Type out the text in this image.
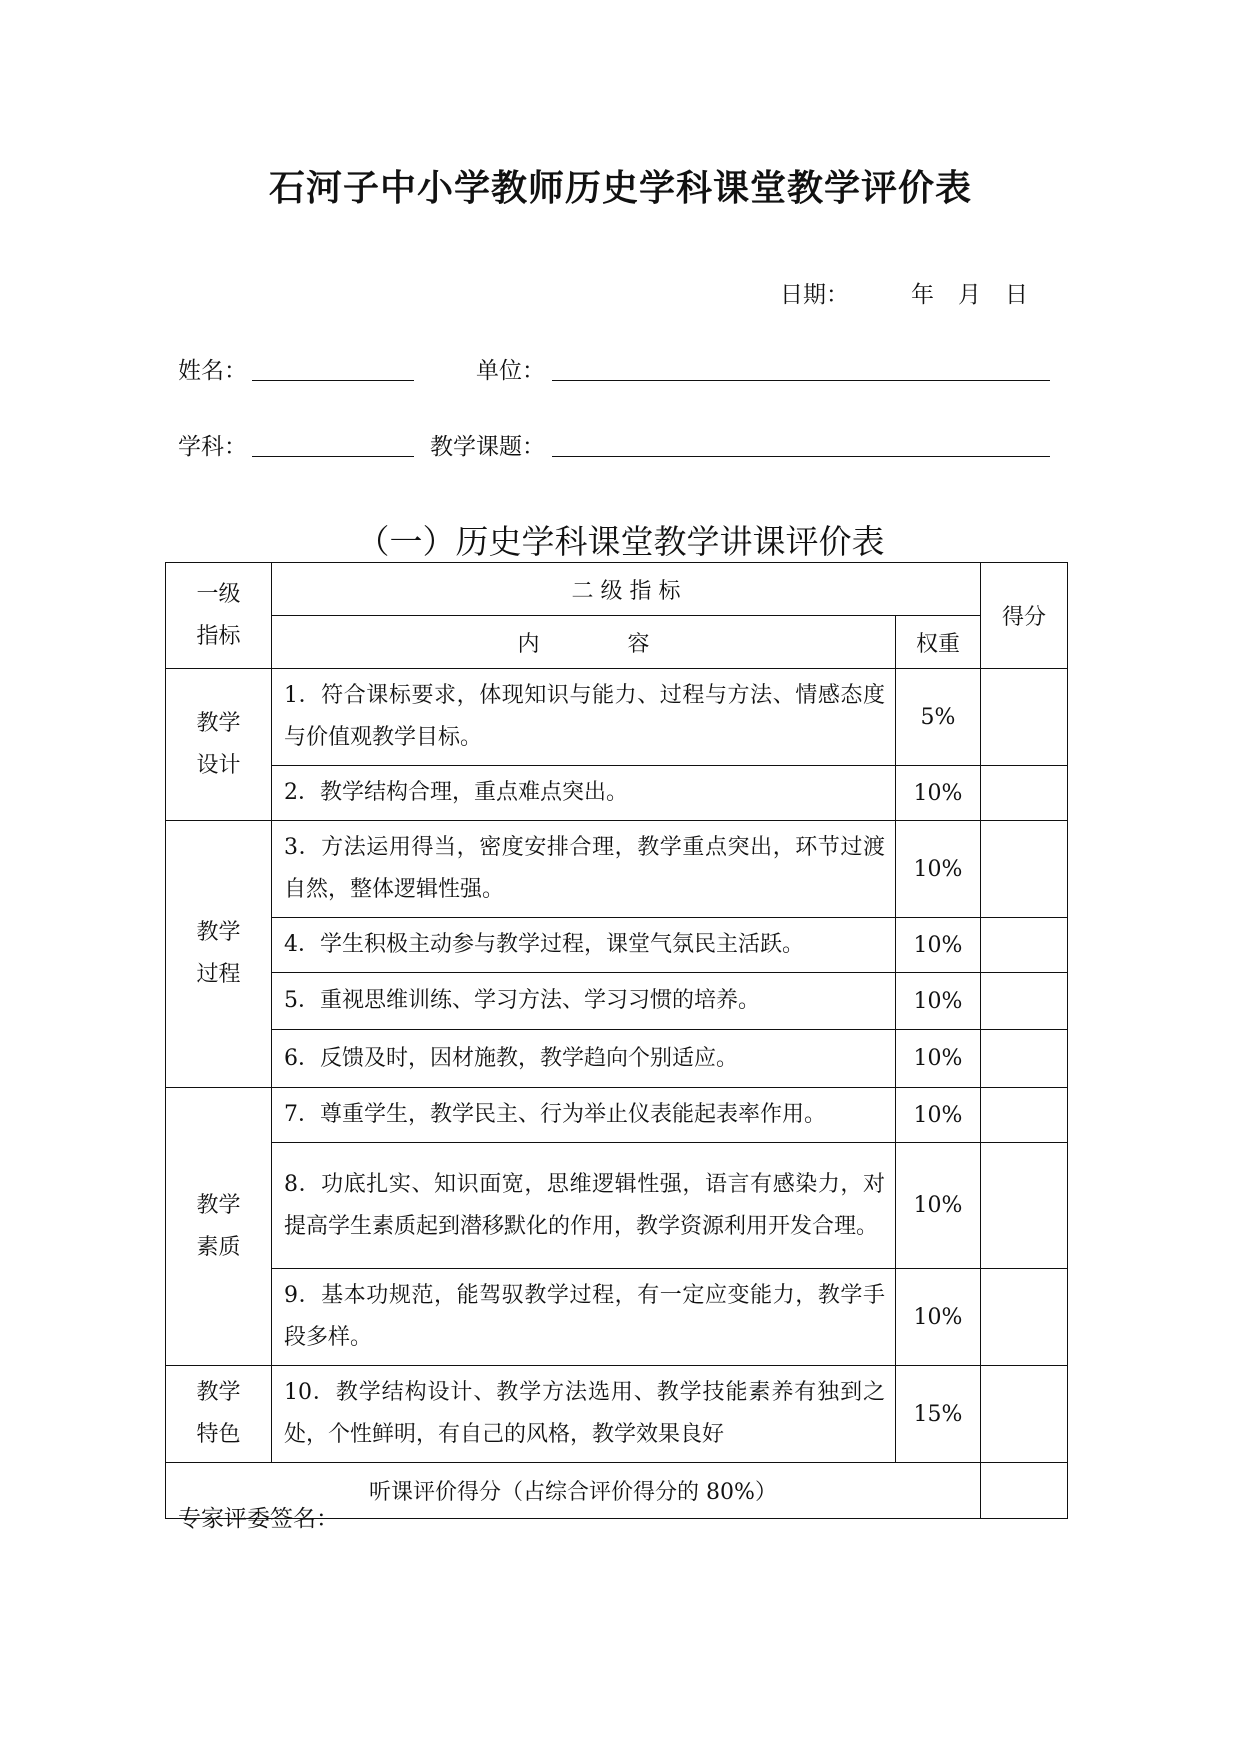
石河子中小学教师历史学科课堂教学评价表
日期：	年 月 日
姓名：	单位：
学科：	教学课题：
（一）历史学科课堂教学讲课评价表
一级
指标	二 级 指 标		得分
	内　　　　容	权重	

教学
设计	1．符合课标要求，体现知识与能力、过程与方法、情感态度与价值观教学目标。	5%	
	2．教学结构合理，重点难点突出。	10%	

教学
过程	3．方法运用得当，密度安排合理，教学重点突出，环节过渡自然，整体逻辑性强。	10%	
	4．学生积极主动参与教学过程，课堂气氛民主活跃。	10%	
	5．重视思维训练、学习方法、学习习惯的培养。	10%	
	6．反馈及时，因材施教，教学趋向个别适应。	10%	

教学
素质	7．尊重学生，教学民主、行为举止仪表能起表率作用。	10%	
	8．功底扎实、知识面宽，思维逻辑性强，语言有感染力，对提高学生素质起到潜移默化的作用，教学资源利用开发合理。	10%	
	9．基本功规范，能驾驭教学过程，有一定应变能力，教学手段多样。	10%	

教学
特色	10．教学结构设计、教学方法选用、教学技能素养有独到之处，个性鲜明，有自己的风格，教学效果良好	15%	
听课评价得分（占综合评价得分的 80%）			
专家评委签名：
